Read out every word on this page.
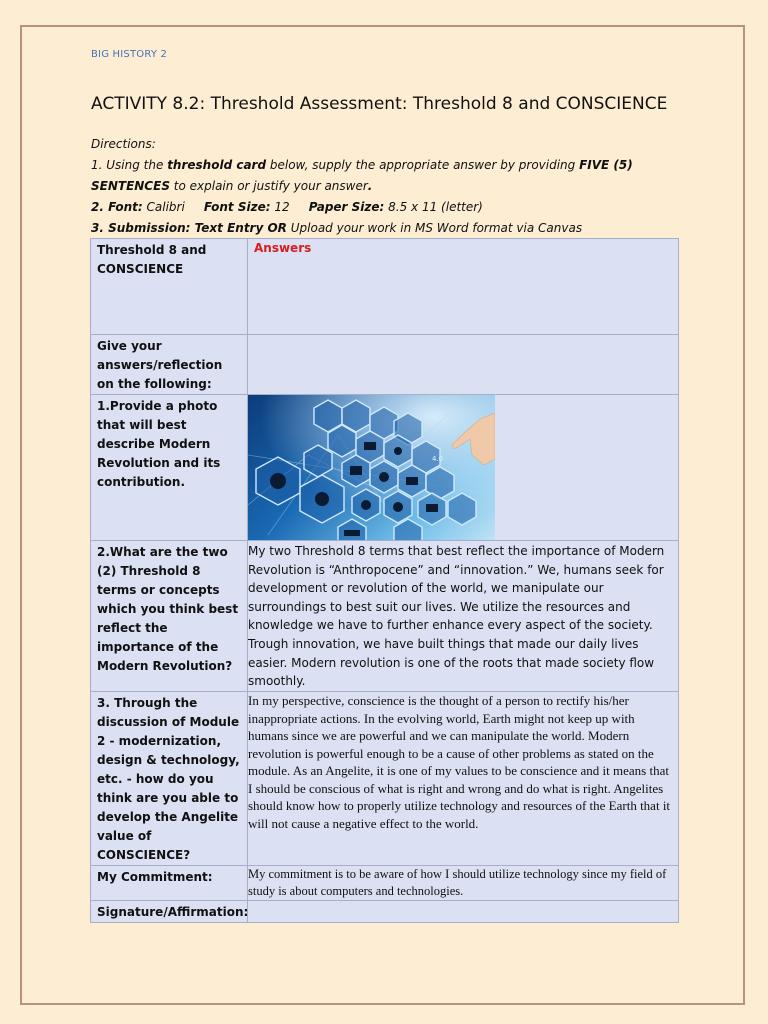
BIG HISTORY 2
ACTIVITY 8.2: Threshold Assessment: Threshold 8 and CONSCIENCE
Directions:
1. Using the threshold card below, supply the appropriate answer by providing FIVE (5)
SENTENCES to explain or justify your answer.
2. Font: Calibri Font Size: 12 Paper Size: 8.5 x 11 (letter)
3. Submission: Text Entry OR Upload your work in MS Word format via Canvas
Threshold 8 and CONSCIENCE	Answers

Give your answers/reflection on the following:	
1.Provide a photo that will best describe Modern Revolution and its contribution.	4.0

2.What are the two (2) Threshold 8 terms or concepts which you think best reflect the importance of the Modern Revolution?	My two Threshold 8 terms that best reflect the importance of Modern Revolution is “Anthropocene” and “innovation.” We, humans seek for development or revolution of the world, we manipulate our surroundings to best suit our lives. We utilize the resources and knowledge we have to further enhance every aspect of the society. Trough innovation, we have built things that made our daily lives easier. Modern revolution is one of the roots that made society flow smoothly.

3. Through the discussion of Module 2 - modernization, design & technology, etc. - how do you think are you able to develop the Angelite value of CONSCIENCE?	In my perspective, conscience is the thought of a person to rectify his/her inappropriate actions. In the evolving world, Earth might not keep up with humans since we are powerful and we can manipulate the world. Modern revolution is powerful enough to be a cause of other problems as stated on the module. As an Angelite, it is one of my values to be conscience and it means that I should be conscious of what is right and wrong and do what is right. Angelites should know how to properly utilize technology and resources of the Earth that it will not cause a negative effect to the world.

My Commitment:	My commitment is to be aware of how I should utilize technology since my field of study is about computers and technologies.

Signature/Affirmation:	
